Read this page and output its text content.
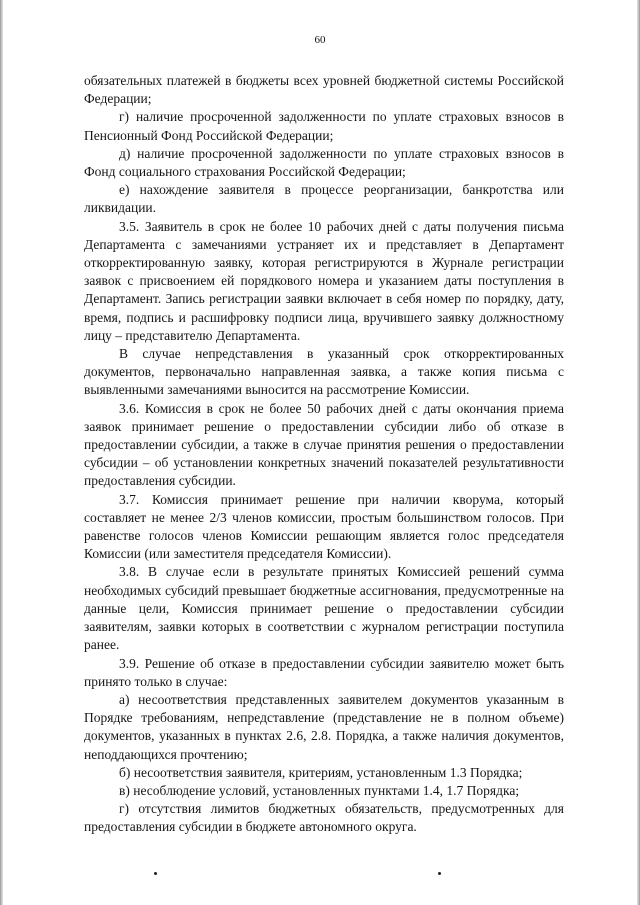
60

обязательных платежей в бюджеты всех уровней бюджетной системы Российской Федерации;

г) наличие просроченной задолженности по уплате страховых взносов в Пенсионный Фонд Российской Федерации;

д) наличие просроченной задолженности по уплате страховых взносов в Фонд социального страхования Российской Федерации;

е) нахождение заявителя в процессе реорганизации, банкротства или ликвидации.

3.5. Заявитель в срок не более 10 рабочих дней с даты получения письма Департамента с замечаниями устраняет их и представляет в Департамент откорректированную заявку, которая регистрируются в Журнале регистрации заявок с присвоением ей порядкового номера и указанием даты поступления в Департамент. Запись регистрации заявки включает в себя номер по порядку, дату, время, подпись и расшифровку подписи лица, вручившего заявку должностному лицу – представителю Департамента.

В случае непредставления в указанный срок откорректированных документов, первоначально направленная заявка, а также копия письма с выявленными замечаниями выносится на рассмотрение Комиссии.

3.6. Комиссия в срок не более 50 рабочих дней с даты окончания приема заявок принимает решение о предоставлении субсидии либо об отказе в предоставлении субсидии, а также в случае принятия решения о предоставлении субсидии – об установлении конкретных значений показателей результативности предоставления субсидии.

3.7. Комиссия принимает решение при наличии кворума, который составляет не менее 2/3 членов комиссии, простым большинством голосов. При равенстве голосов членов Комиссии решающим является голос председателя Комиссии (или заместителя председателя Комиссии).

3.8. В случае если в результате принятых Комиссией решений сумма необходимых субсидий превышает бюджетные ассигнования, предусмотренные на данные цели, Комиссия принимает решение о предоставлении субсидии заявителям, заявки которых в соответствии с журналом регистрации поступила ранее.

3.9. Решение об отказе в предоставлении субсидии заявителю может быть принято только в случае:

а) несоответствия представленных заявителем документов указанным в Порядке требованиям, непредставление (представление не в полном объеме) документов, указанных в пунктах 2.6, 2.8. Порядка, а также наличия документов, неподдающихся прочтению;

б) несоответствия заявителя, критериям, установленным 1.3 Порядка;

в) несоблюдение условий, установленных пунктами 1.4, 1.7 Порядка;

г) отсутствия лимитов бюджетных обязательств, предусмотренных для предоставления субсидии в бюджете автономного округа.
